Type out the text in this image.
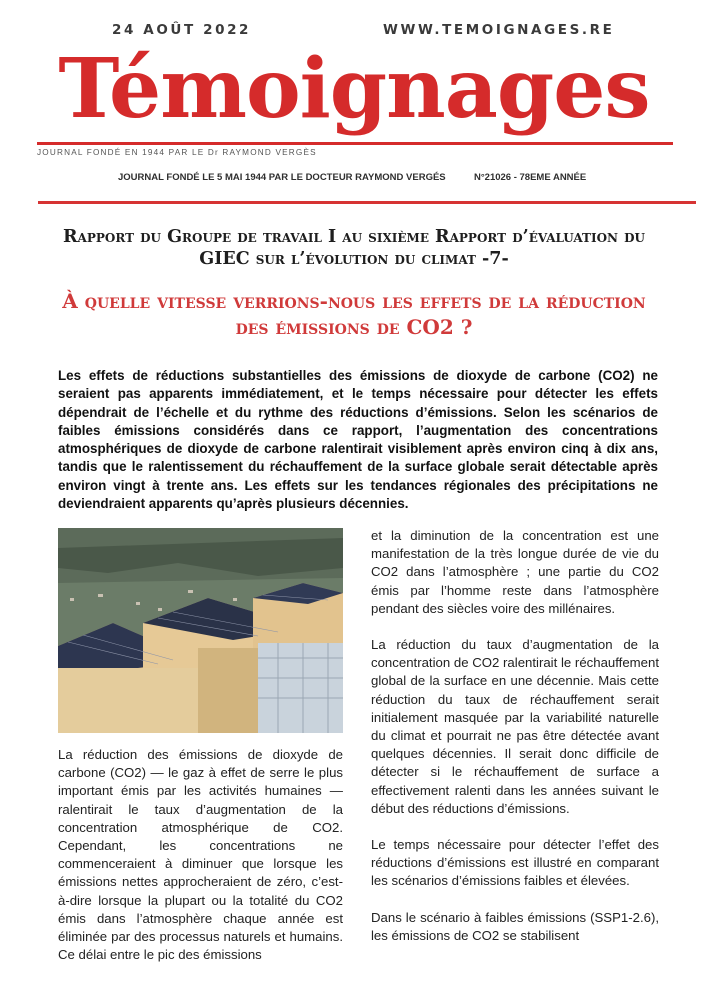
24 AOÛT 2022	WWW.TEMOIGNAGES.RE
Témoignages
JOURNAL FONDÉ EN 1944 PAR LE Dr RAYMOND VERGÈS
JOURNAL FONDÉ LE 5 MAI 1944 PAR LE DOCTEUR RAYMOND VERGÉS	N°21026 - 78EME ANNÉE
Rapport du Groupe de travail I au sixième Rapport d’évaluation du GIEC sur l’évolution du climat -7-
À quelle vitesse verrions-nous les effets de la réduction des émissions de CO2 ?

Les effets de réductions substantielles des émissions de dioxyde de carbone (CO2) ne seraient pas apparents immédiatement, et le temps nécessaire pour détecter les effets dépendrait de l’échelle et du rythme des réductions d’émissions. Selon les scénarios de faibles émissions considérés dans ce rapport, l’augmentation des concentrations atmosphériques de dioxyde de carbone ralentirait visiblement après environ cinq à dix ans, tandis que le ralentissement du réchauffement de la surface globale serait détectable après environ vingt à trente ans. Les effets sur les tendances régionales des précipitations ne deviendraient apparents qu’après plusieurs décennies.

La réduction des émissions de dioxyde de carbone (CO2) — le gaz à effet de serre le plus important émis par les activités humaines — ralentirait le taux d’augmentation de la concentration atmosphérique de CO2. Cependant, les concentrations ne commenceraient à diminuer que lorsque les émissions nettes approcheraient de zéro, c’est-à-dire lorsque la plupart ou la totalité du CO2 émis dans l’atmosphère chaque année est éliminée par des processus naturels et humains. Ce délai entre le pic des émissions

et la diminution de la concentration est une manifestation de la très longue durée de vie du CO2 dans l’atmosphère ; une partie du CO2 émis par l’homme reste dans l’atmosphère pendant des siècles voire des millénaires.

La réduction du taux d’augmentation de la concentration de CO2 ralentirait le réchauffement global de la surface en une décennie. Mais cette réduction du taux de réchauffement serait initialement masquée par la variabilité naturelle du climat et pourrait ne pas être détectée avant quelques décennies. Il serait donc difficile de détecter si le réchauffement de surface a effectivement ralenti dans les années suivant le début des réductions d’émissions.

Le temps nécessaire pour détecter l’effet des réductions d’émissions est illustré en comparant les scénarios d’émissions faibles et élevées.

Dans le scénario à faibles émissions (SSP1-2.6), les émissions de CO2 se stabilisent
